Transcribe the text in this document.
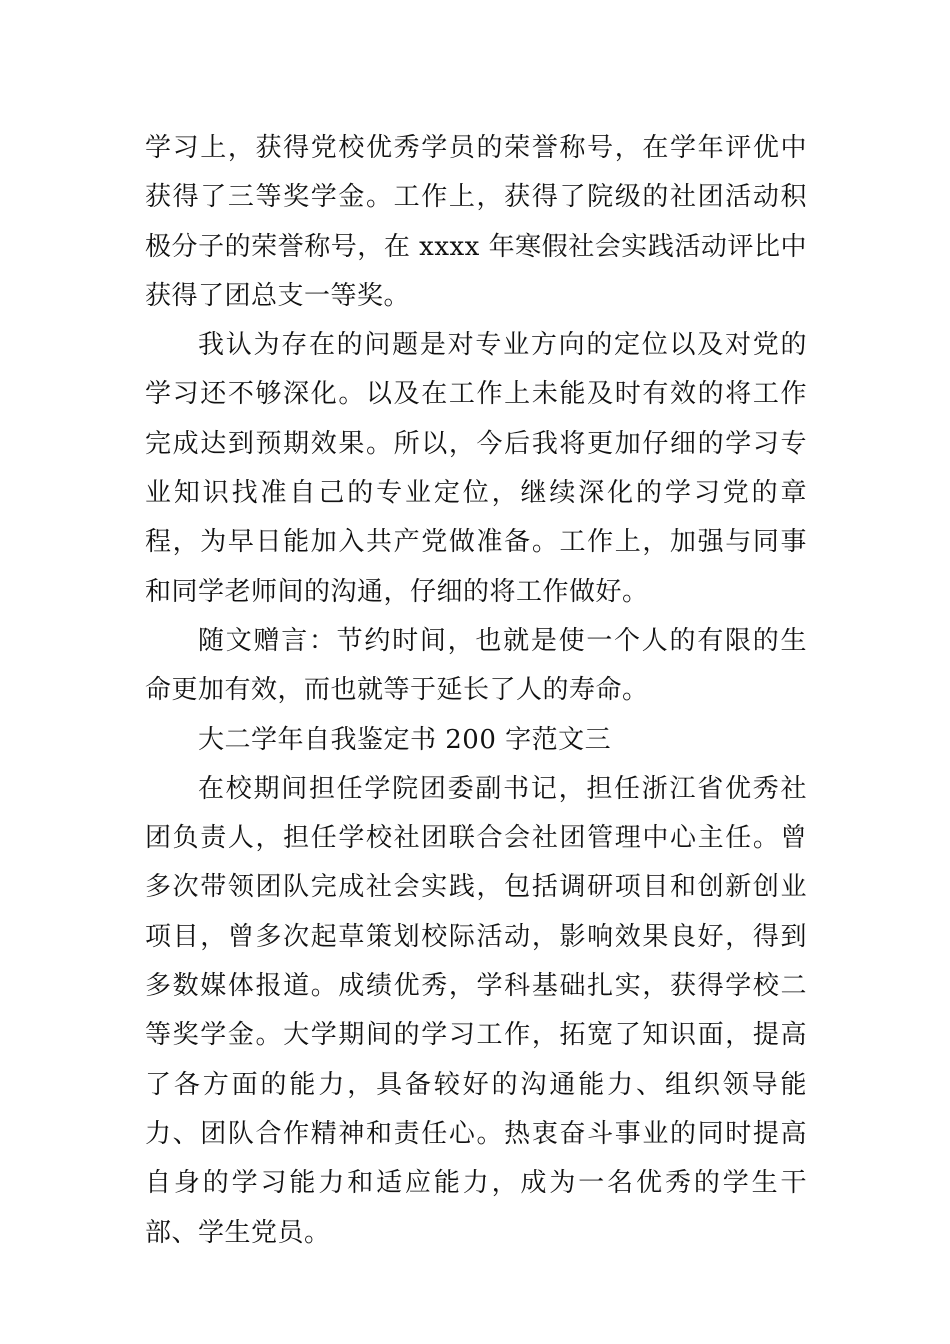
学习上，获得党校优秀学员的荣誉称号，在学年评优中获得了三等奖学金。工作上，获得了院级的社团活动积极分子的荣誉称号，在 xxxx 年寒假社会实践活动评比中获得了团总支一等奖。

我认为存在的问题是对专业方向的定位以及对党的学习还不够深化。以及在工作上未能及时有效的将工作完成达到预期效果。所以，今后我将更加仔细的学习专业知识找准自己的专业定位，继续深化的学习党的章程，为早日能加入共产党做准备。工作上，加强与同事和同学老师间的沟通，仔细的将工作做好。

随文赠言：节约时间，也就是使一个人的有限的生命更加有效，而也就等于延长了人的寿命。

大二学年自我鉴定书 200 字范文三

在校期间担任学院团委副书记，担任浙江省优秀社团负责人，担任学校社团联合会社团管理中心主任。曾多次带领团队完成社会实践，包括调研项目和创新创业项目，曾多次起草策划校际活动，影响效果良好，得到多数媒体报道。成绩优秀，学科基础扎实，获得学校二等奖学金。大学期间的学习工作，拓宽了知识面，提高了各方面的能力，具备较好的沟通能力、组织领导能力、团队合作精神和责任心。热衷奋斗事业的同时提高自身的学习能力和适应能力，成为一名优秀的学生干部、学生党员。
